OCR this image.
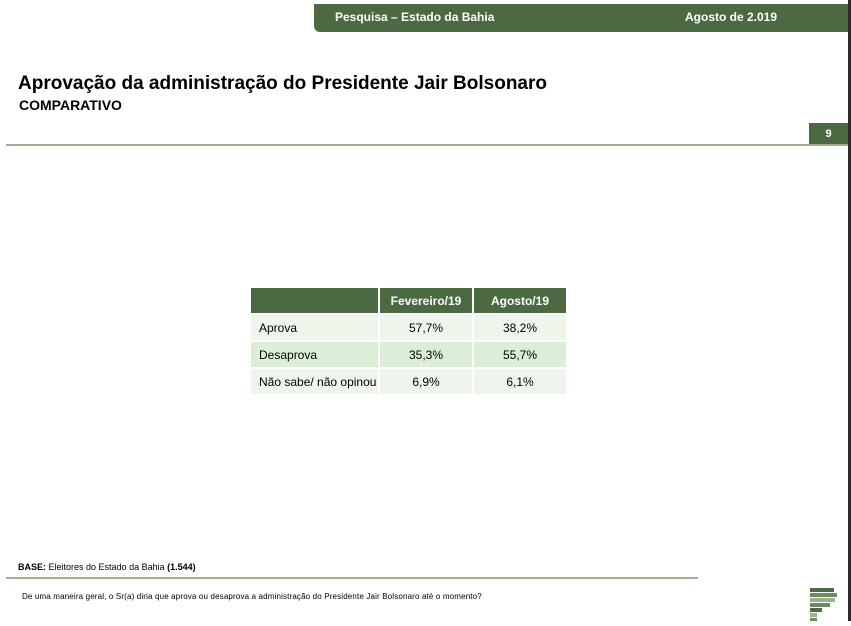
Pesquisa – Estado da Bahia	Agosto de 2.019
Aprovação da administração do Presidente Jair Bolsonaro
COMPARATIVO
9
	Fevereiro/19	Agosto/19
Aprova	57,7%	38,2%
Desaprova	35,3%	55,7%
Não sabe/ não opinou	6,9%	6,1%
BASE: Eleitores do Estado da Bahia (1.544)
De uma maneira geral, o Sr(a) diria que aprova ou desaprova a administração do Presidente Jair Bolsonaro até o momento?
